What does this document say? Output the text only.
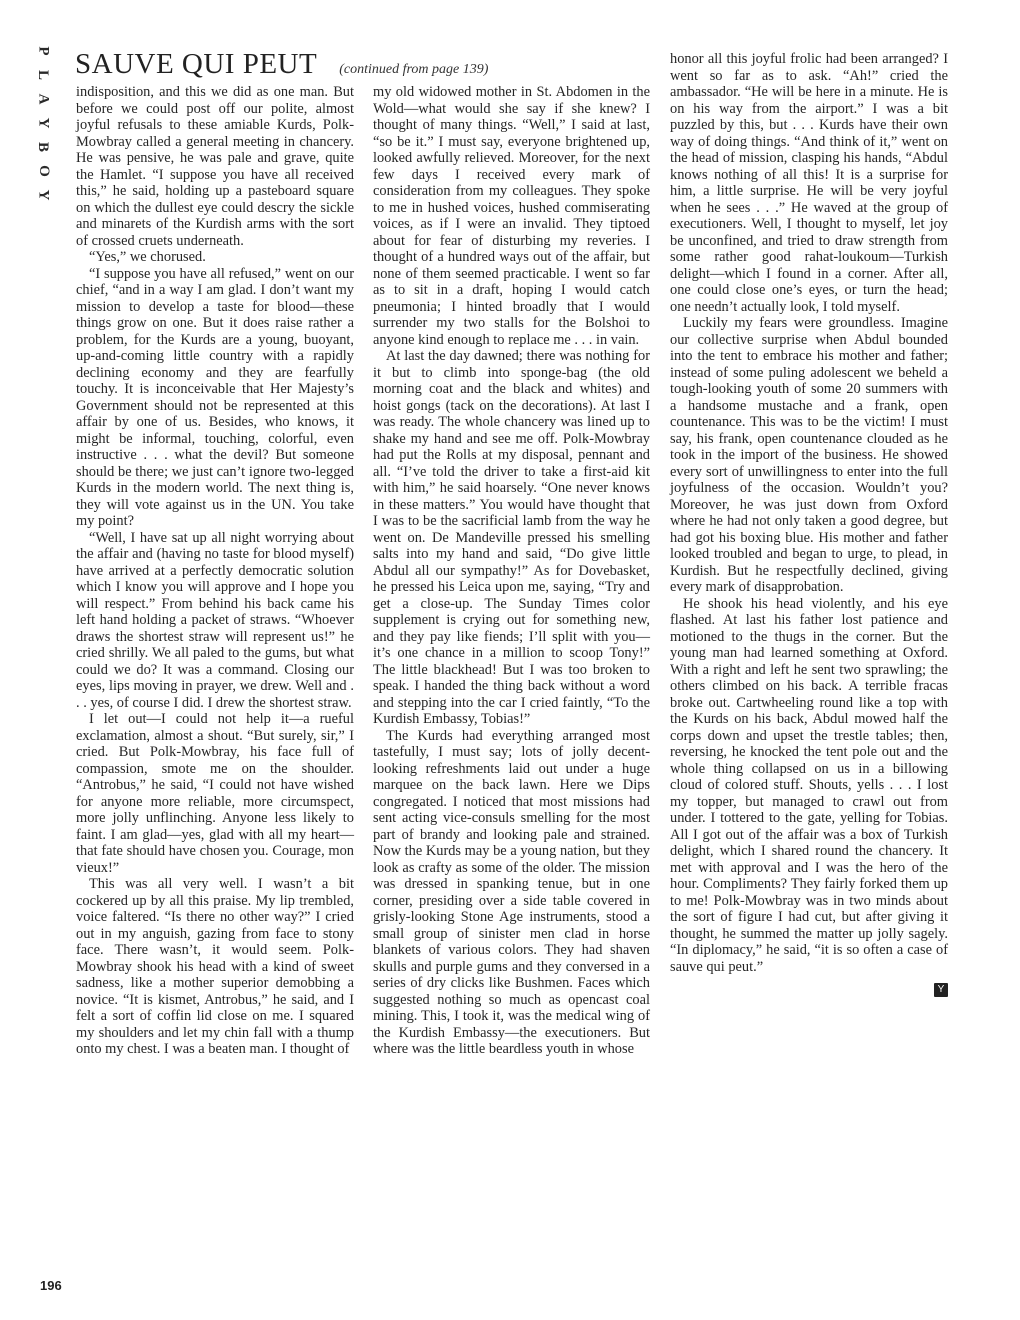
P
L
A
Y
B
O
Y
SAUVE QUI PEUT (continued from page 139)

indisposition, and this we did as one man. But before we could post off our polite, almost joyful refusals to these amiable Kurds, Polk-Mowbray called a general meeting in chancery. He was pensive, he was pale and grave, quite the Hamlet. “I suppose you have all received this,” he said, holding up a pasteboard square on which the dullest eye could descry the sickle and minarets of the Kurdish arms with the sort of crossed cruets underneath.

“Yes,” we chorused.

“I suppose you have all refused,” went on our chief, “and in a way I am glad. I don’t want my mission to develop a taste for blood—these things grow on one. But it does raise rather a problem, for the Kurds are a young, buoyant, up-and-coming little country with a rapidly declining economy and they are fearfully touchy. It is inconceivable that Her Majesty’s Government should not be represented at this affair by one of us. Besides, who knows, it might be informal, touching, colorful, even instructive . . . what the devil? But someone should be there; we just can’t ignore two-legged Kurds in the modern world. The next thing is, they will vote against us in the UN. You take my point?

“Well, I have sat up all night worrying about the affair and (having no taste for blood myself) have arrived at a perfectly democratic solution which I know you will approve and I hope you will respect.” From behind his back came his left hand holding a packet of straws. “Whoever draws the shortest straw will represent us!” he cried shrilly. We all paled to the gums, but what could we do? It was a command. Closing our eyes, lips moving in prayer, we drew. Well and . . . yes, of course I did. I drew the shortest straw.

I let out—I could not help it—a rueful exclamation, almost a shout. “But surely, sir,” I cried. But Polk-Mowbray, his face full of compassion, smote me on the shoulder. “Antrobus,” he said, “I could not have wished for anyone more reliable, more circumspect, more jolly unflinching. Anyone less likely to faint. I am glad—yes, glad with all my heart—that fate should have chosen you. Courage, mon vieux!”

This was all very well. I wasn’t a bit cockered up by all this praise. My lip trembled, voice faltered. “Is there no other way?” I cried out in my anguish, gazing from face to stony face. There wasn’t, it would seem. Polk-Mowbray shook his head with a kind of sweet sadness, like a mother superior demobbing a novice. “It is kismet, Antrobus,” he said, and I felt a sort of coffin lid close on me. I squared my shoulders and let my chin fall with a thump onto my chest. I was a beaten man. I thought of

my old widowed mother in St. Abdomen in the Wold—what would she say if she knew? I thought of many things. “Well,” I said at last, “so be it.” I must say, everyone brightened up, looked awfully relieved. Moreover, for the next few days I received every mark of consideration from my colleagues. They spoke to me in hushed voices, hushed commiserating voices, as if I were an invalid. They tiptoed about for fear of disturbing my reveries. I thought of a hundred ways out of the affair, but none of them seemed practicable. I went so far as to sit in a draft, hoping I would catch pneumonia; I hinted broadly that I would surrender my two stalls for the Bolshoi to anyone kind enough to replace me . . . in vain.

At last the day dawned; there was nothing for it but to climb into sponge-bag (the old morning coat and the black and whites) and hoist gongs (tack on the decorations). At last I was ready. The whole chancery was lined up to shake my hand and see me off. Polk-Mowbray had put the Rolls at my disposal, pennant and all. “I’ve told the driver to take a first-aid kit with him,” he said hoarsely. “One never knows in these matters.” You would have thought that I was to be the sacrificial lamb from the way he went on. De Mandeville pressed his smelling salts into my hand and said, “Do give little Abdul all our sympathy!” As for Dovebasket, he pressed his Leica upon me, saying, “Try and get a close-up. The Sunday Times color supplement is crying out for something new, and they pay like fiends; I’ll split with you—it’s one chance in a million to scoop Tony!” The little blackhead! But I was too broken to speak. I handed the thing back without a word and stepping into the car I cried faintly, “To the Kurdish Embassy, Tobias!”

The Kurds had everything arranged most tastefully, I must say; lots of jolly decent-looking refreshments laid out under a huge marquee on the back lawn. Here we Dips congregated. I noticed that most missions had sent acting vice-consuls smelling for the most part of brandy and looking pale and strained. Now the Kurds may be a young nation, but they look as crafty as some of the older. The mission was dressed in spanking tenue, but in one corner, presiding over a side table covered in grisly-looking Stone Age instruments, stood a small group of sinister men clad in horse blankets of various colors. They had shaven skulls and purple gums and they conversed in a series of dry clicks like Bushmen. Faces which suggested nothing so much as opencast coal mining. This, I took it, was the medical wing of the Kurdish Embassy—the executioners. But where was the little beardless youth in whose

honor all this joyful frolic had been arranged? I went so far as to ask. “Ah!” cried the ambassador. “He will be here in a minute. He is on his way from the airport.” I was a bit puzzled by this, but . . . Kurds have their own way of doing things. “And think of it,” went on the head of mission, clasping his hands, “Abdul knows nothing of all this! It is a surprise for him, a little surprise. He will be very joyful when he sees . . .” He waved at the group of executioners. Well, I thought to myself, let joy be unconfined, and tried to draw strength from some rather good rahat-loukoum—Turkish delight—which I found in a corner. After all, one could close one’s eyes, or turn the head; one needn’t actually look, I told myself.

Luckily my fears were groundless. Imagine our collective surprise when Abdul bounded into the tent to embrace his mother and father; instead of some puling adolescent we beheld a tough-looking youth of some 20 summers with a handsome mustache and a frank, open countenance. This was to be the victim! I must say, his frank, open countenance clouded as he took in the import of the business. He showed every sort of unwillingness to enter into the full joyfulness of the occasion. Wouldn’t you? Moreover, he was just down from Oxford where he had not only taken a good degree, but had got his boxing blue. His mother and father looked troubled and began to urge, to plead, in Kurdish. But he respectfully declined, giving every mark of disapprobation.

He shook his head violently, and his eye flashed. At last his father lost patience and motioned to the thugs in the corner. But the young man had learned something at Oxford. With a right and left he sent two sprawling; the others climbed on his back. A terrible fracas broke out. Cartwheeling round like a top with the Kurds on his back, Abdul mowed half the corps down and upset the trestle tables; then, reversing, he knocked the tent pole out and the whole thing collapsed on us in a billowing cloud of colored stuff. Shouts, yells . . . I lost my topper, but managed to crawl out from under. I tottered to the gate, yelling for Tobias. All I got out of the affair was a box of Turkish delight, which I shared round the chancery. It met with approval and I was the hero of the hour. Compliments? They fairly forked them up to me! Polk-Mowbray was in two minds about the sort of figure I had cut, but after giving it thought, he summed the matter up jolly sagely. “In diplomacy,” he said, “it is so often a case of sauve qui peut.”

Y
196
